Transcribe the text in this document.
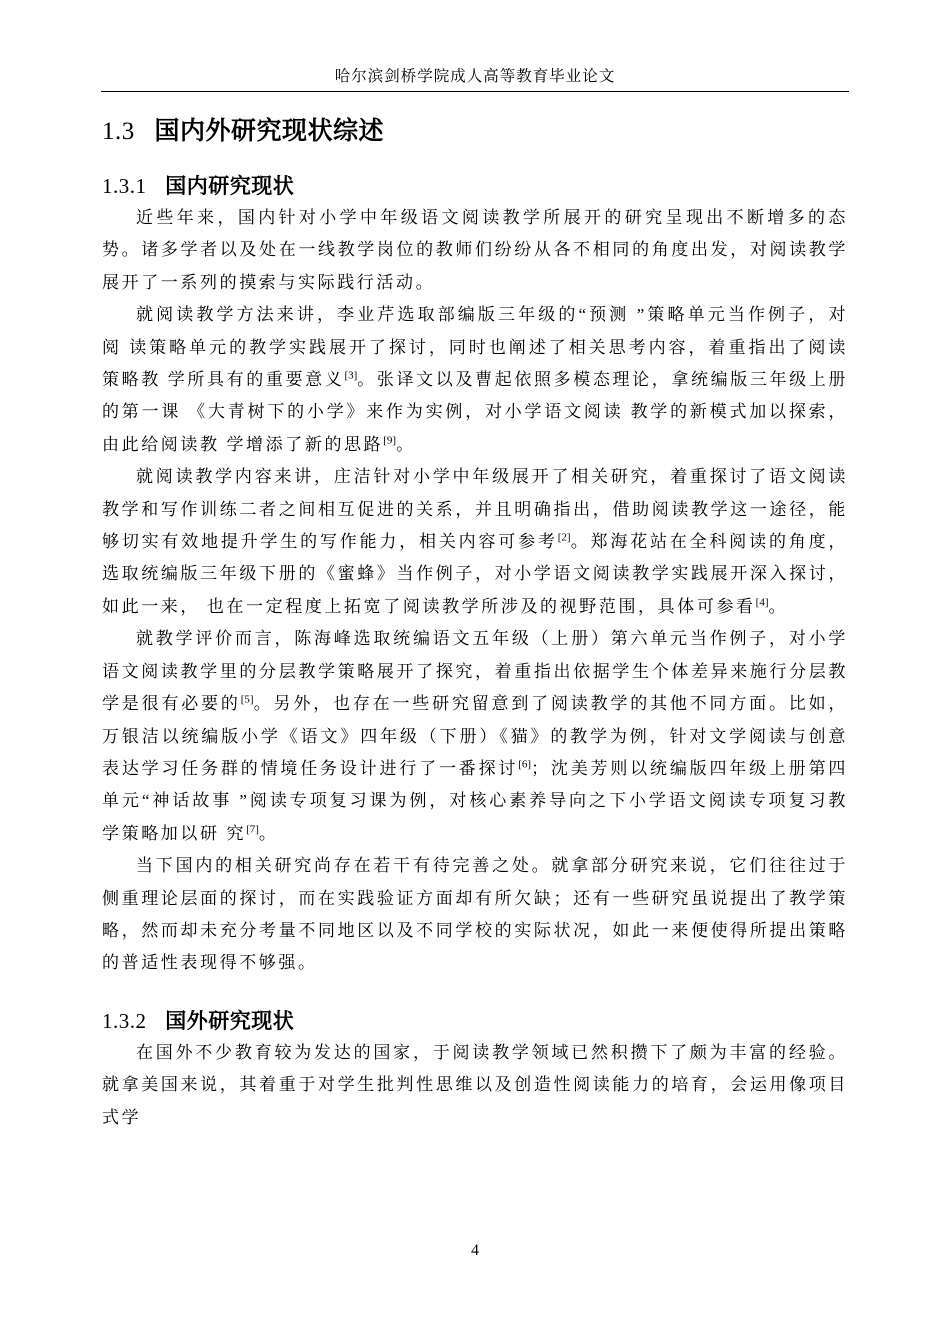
哈尔滨剑桥学院成人高等教育毕业论文
1.3 国内外研究现状综述
1.3.1 国内研究现状

近些年来，国内针对小学中年级语文阅读教学所展开的研究呈现出不断增多的态势。诸多学者以及处在一线教学岗位的教师们纷纷从各不相同的角度出发，对阅读教学展开了一系列的摸索与实际践行活动。

就阅读教学方法来讲，李业芹选取部编版三年级的“预测 ”策略单元当作例子，对阅 读策略单元的教学实践展开了探讨，同时也阐述了相关思考内容，着重指出了阅读策略教 学所具有的重要意义[3]。张译文以及曹起依照多模态理论，拿统编版三年级上册的第一课 《大青树下的小学》来作为实例，对小学语文阅读 教学的新模式加以探索，由此给阅读教 学增添了新的思路[9]。

就阅读教学内容来讲，庄洁针对小学中年级展开了相关研究，着重探讨了语文阅读教学和写作训练二者之间相互促进的关系，并且明确指出，借助阅读教学这一途径，能够切实有效地提升学生的写作能力，相关内容可参考[2]。郑海花站在全科阅读的角度，选取统编版三年级下册的《蜜蜂》当作例子，对小学语文阅读教学实践展开深入探讨，如此一来， 也在一定程度上拓宽了阅读教学所涉及的视野范围，具体可参看[4]。

就教学评价而言，陈海峰选取统编语文五年级（上册）第六单元当作例子，对小学语文阅读教学里的分层教学策略展开了探究，着重指出依据学生个体差异来施行分层教学是很有必要的[5]。另外，也存在一些研究留意到了阅读教学的其他不同方面。比如，万银洁以统编版小学《语文》四年级（下册）《猫》的教学为例，针对文学阅读与创意表达学习任务群的情境任务设计进行了一番探讨[6]；沈美芳则以统编版四年级上册第四单元“神话故事 ”阅读专项复习课为例，对核心素养导向之下小学语文阅读专项复习教学策略加以研 究[7]。

当下国内的相关研究尚存在若干有待完善之处。就拿部分研究来说，它们往往过于侧重理论层面的探讨，而在实践验证方面却有所欠缺；还有一些研究虽说提出了教学策略，然而却未充分考量不同地区以及不同学校的实际状况，如此一来便使得所提出策略的普适性表现得不够强。

1.3.2 国外研究现状

在国外不少教育较为发达的国家，于阅读教学领域已然积攒下了颇为丰富的经验。就拿美国来说，其着重于对学生批判性思维以及创造性阅读能力的培育，会运用像项目式学

4
